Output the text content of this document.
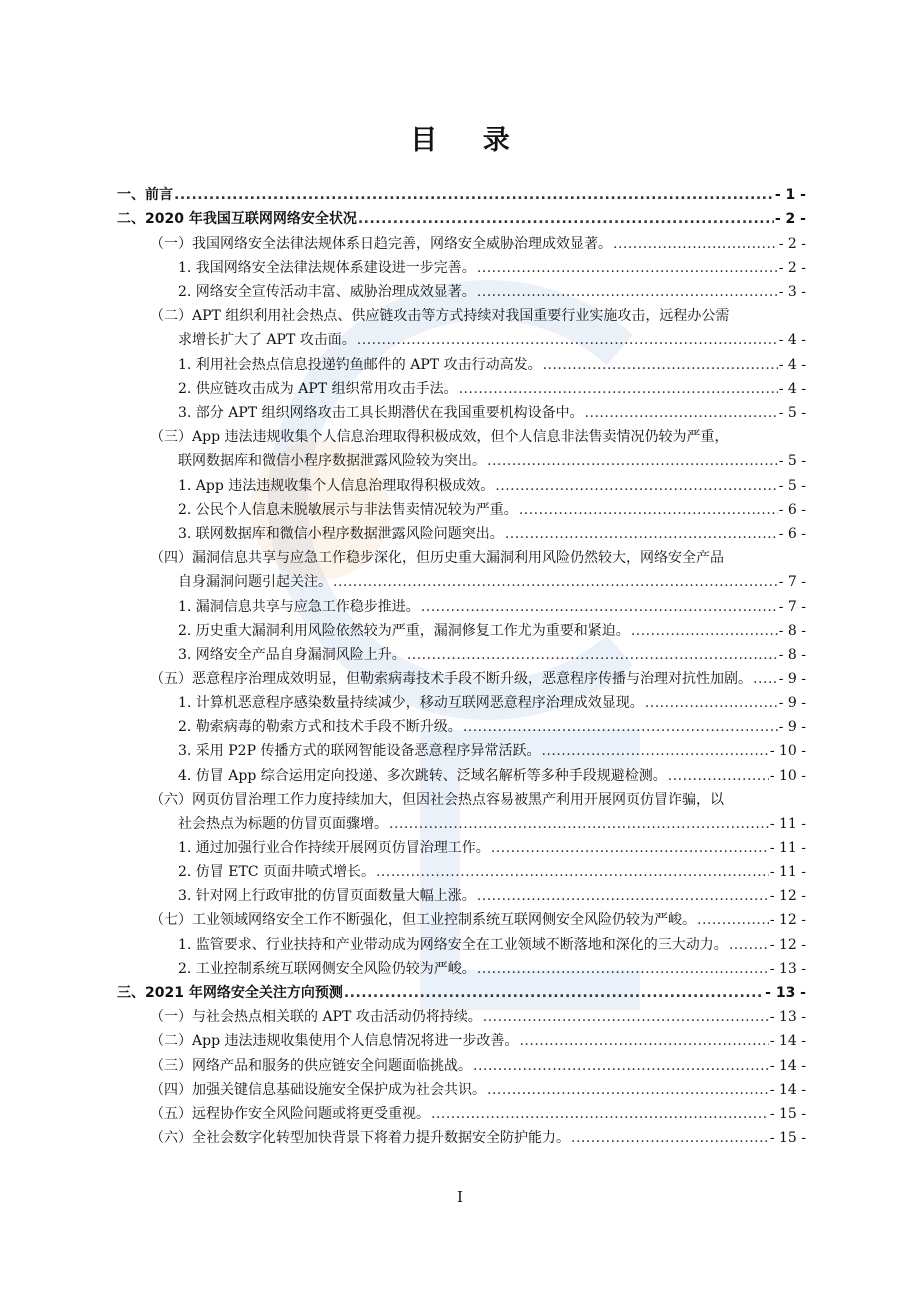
目 录
一、前言 .....	- 1 -
二、2020 年我国互联网网络安全状况 .....	- 2 -
（一）我国网络安全法律法规体系日趋完善，网络安全威胁治理成效显著。 .....	- 2 -
1. 我国网络安全法律法规体系建设进一步完善。 .....	- 2 -
2. 网络安全宣传活动丰富、威胁治理成效显著。 .....	- 3 -
（二）APT 组织利用社会热点、供应链攻击等方式持续对我国重要行业实施攻击，远程办公需
求增长扩大了 APT 攻击面。 .....	- 4 -
1. 利用社会热点信息投递钓鱼邮件的 APT 攻击行动高发。 .....	- 4 -
2. 供应链攻击成为 APT 组织常用攻击手法。 .....	- 4 -
3. 部分 APT 组织网络攻击工具长期潜伏在我国重要机构设备中。 .....	- 5 -
（三）App 违法违规收集个人信息治理取得积极成效，但个人信息非法售卖情况仍较为严重，
联网数据库和微信小程序数据泄露风险较为突出。 .....	- 5 -
1. App 违法违规收集个人信息治理取得积极成效。 .....	- 5 -
2. 公民个人信息未脱敏展示与非法售卖情况较为严重。 .....	- 6 -
3. 联网数据库和微信小程序数据泄露风险问题突出。 .....	- 6 -
（四）漏洞信息共享与应急工作稳步深化，但历史重大漏洞利用风险仍然较大，网络安全产品
自身漏洞问题引起关注。 .....	- 7 -
1. 漏洞信息共享与应急工作稳步推进。 .....	- 7 -
2. 历史重大漏洞利用风险依然较为严重，漏洞修复工作尤为重要和紧迫。 .....	- 8 -
3. 网络安全产品自身漏洞风险上升。 .....	- 8 -
（五）恶意程序治理成效明显，但勒索病毒技术手段不断升级，恶意程序传播与治理对抗性加剧。 ..... - 9 -
1. 计算机恶意程序感染数量持续减少，移动互联网恶意程序治理成效显现。 .....	- 9 -
2. 勒索病毒的勒索方式和技术手段不断升级。 .....	- 9 -
3. 采用 P2P 传播方式的联网智能设备恶意程序异常活跃。 .....	- 10 -
4. 仿冒 App 综合运用定向投递、多次跳转、泛域名解析等多种手段规避检测。 .....	- 10 -
（六）网页仿冒治理工作力度持续加大，但因社会热点容易被黑产利用开展网页仿冒诈骗，以
社会热点为标题的仿冒页面骤增。 .....	- 11 -
1. 通过加强行业合作持续开展网页仿冒治理工作。 .....	- 11 -
2. 仿冒 ETC 页面井喷式增长。 .....	- 11 -
3. 针对网上行政审批的仿冒页面数量大幅上涨。 .....	- 12 -
（七）工业领域网络安全工作不断强化，但工业控制系统互联网侧安全风险仍较为严峻。 .....	- 12 -
1. 监管要求、行业扶持和产业带动成为网络安全在工业领域不断落地和深化的三大动力。 .....	- 12 -
2. 工业控制系统互联网侧安全风险仍较为严峻。 .....	- 13 -
三、2021 年网络安全关注方向预测 .....	- 13 -
（一）与社会热点相关联的 APT 攻击活动仍将持续。 .....	- 13 -
（二）App 违法违规收集使用个人信息情况将进一步改善。 .....	- 14 -
（三）网络产品和服务的供应链安全问题面临挑战。 .....	- 14 -
（四）加强关键信息基础设施安全保护成为社会共识。 .....	- 14 -
（五）远程协作安全风险问题或将更受重视。 .....	- 15 -
（六）全社会数字化转型加快背景下将着力提升数据安全防护能力。 .....	- 15 -
I
